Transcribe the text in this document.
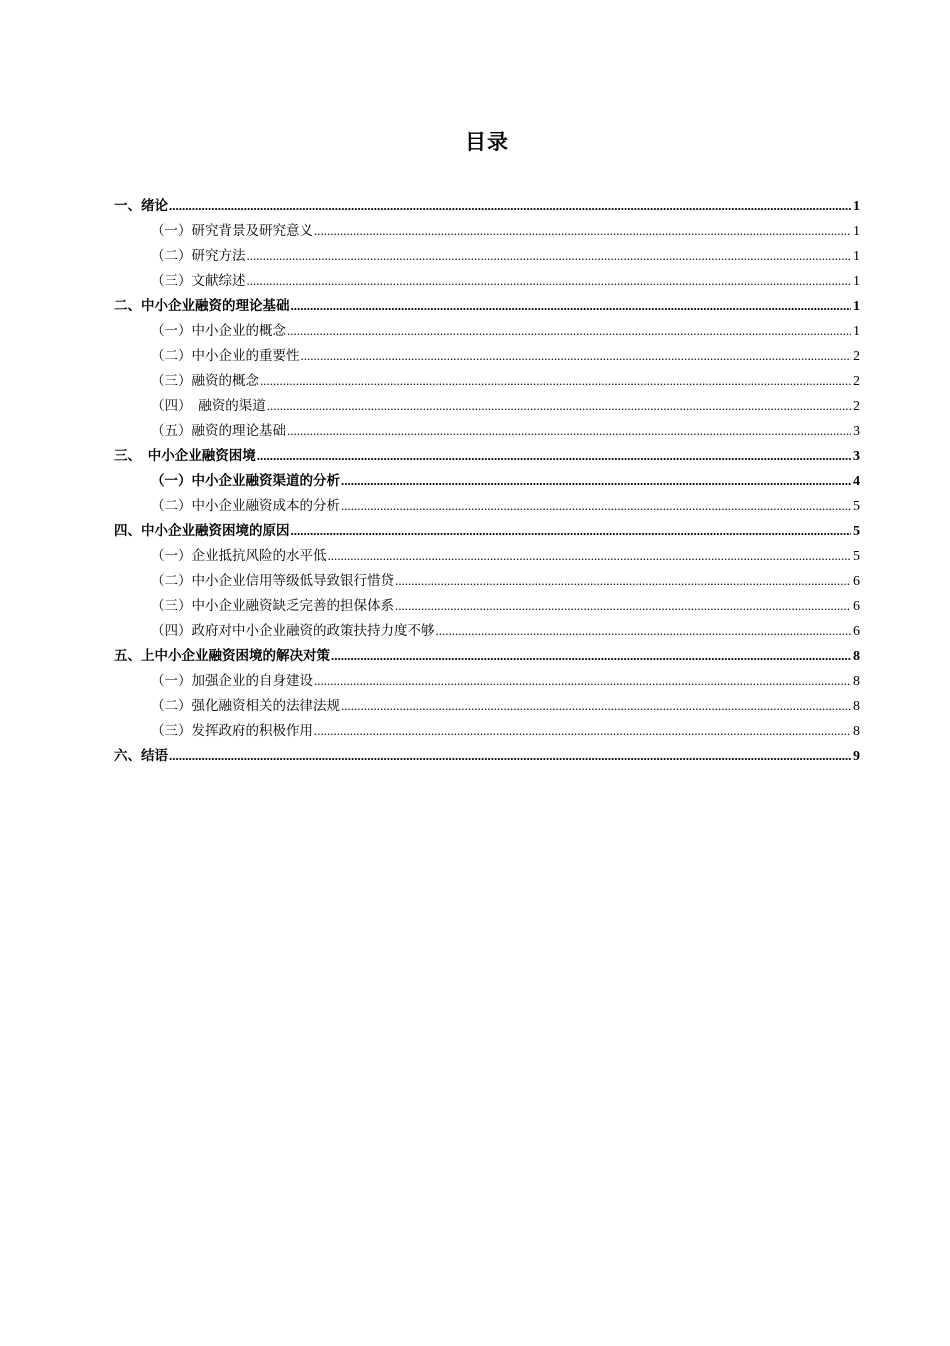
目录
一、绪论 .....	1
（一）研究背景及研究意义 .....	1
（二）研究方法 .....	1
（三）文献综述 .....	1
二、中小企业融资的理论基础 .....	1
（一）中小企业的概念 .....	1
（二）中小企业的重要性 .....	2
（三）融资的概念 .....	2
（四）　融资的渠道 .....	2
（五）融资的理论基础 .....	3
三、　中小企业融资困境 .....	3
（一）中小企业融资渠道的分析 .....	4
（二）中小企业融资成本的分析 .....	5
四、中小企业融资困境的原因 .....	5
（一）企业抵抗风险的水平低 .....	5
（二）中小企业信用等级低导致银行惜贷 .....	6
（三）中小企业融资缺乏完善的担保体系 .....	6
（四）政府对中小企业融资的政策扶持力度不够 .....	6
五、上中小企业融资困境的解决对策 .....	8
（一）加强企业的自身建设 .....	8
（二）强化融资相关的法律法规 .....	8
（三）发挥政府的积极作用 .....	8
六、结语 .....	9
